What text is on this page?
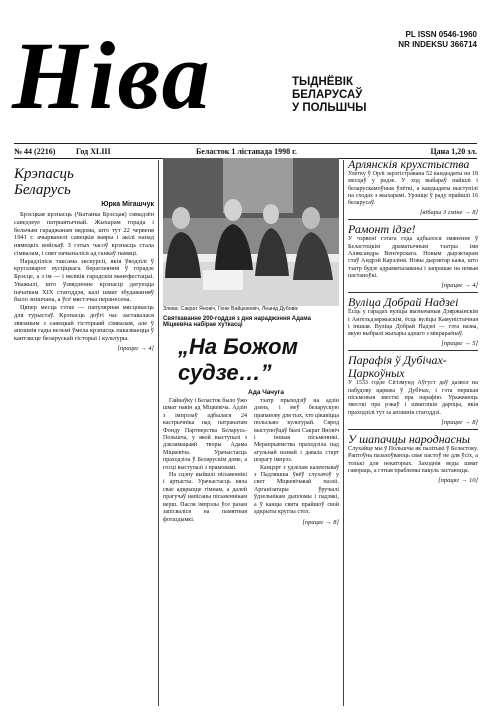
Ніва	PL ISSN 0546-1960
NR INDEKSU 366714
ТЫДНЁВІК
БЕЛАРУСАЎ
У ПОЛЬШЧЫ
№ 44 (2216)	Год XLIII	Беласток 1 лістапада 1998 г.	Цана 1,20 зл.
Крэпасць
Беларусь
Юрка Мігашчук

Брэсцкая крэпасць (Чытанка Брэсцая) сямадзён саведзеуе патрыятычнай. Жыхарам горада і бельчым гараджанам вядома, што тут 22 червеня 1941 г. ачырванелі савецкія ваяры і акілі напад нямецкіх войскаў. З гэтых часоў крэпасць стала сімвалам, і свят пачыналіся ад ганкаў памяці.

Нарадзіліся таксама экскурсіі, якія ўводзілі ў кругазварот вусціцкага бераглеяння ў горадзе Брэсце, а з ім — і вялікія гарадскія манефестацыі. Уважылі, што ўзвядзенне крэпасці датуецца пачаткам XIX стагоддзя, калі шмат збудаванняў было знішчана, а ўсё мястэчка перанесена.

Цяпер месца гэтае — папулярная мясцовасць для турыстаў. Крэпасць доўгі час заставалася звязаным з савецкай гісторыяй сімвалам, але ў апошнія гады вельмі ўмела крэпасць паказваецца ў кантэксце беларускай гісторыі і культуры.

[працяг → 4]
Злева: Сакрат Яновіч, Генік Вайцюкевіч, Леанід Дубовік
Святкаванне 200-годдзя з дня нараджэння Адама Міцкевіча набірае хуткасці
„На Божом судзе…”
Ада Чачуга

Гайнаўку і Беласток было ўжо шмат навін ад Міцкевіча. Адзін з імпрэзаў адбылася 24 кастрычніка пад патранатам Фонду Партнерства Беларусь-Польшча, у якой выступалі з дэкламацыяй творы Адама Міцкевіча. Урачыстасць праходзіла ў Беларускім доме, а госці выступалі з прамовамі.

На сцэну выйшлі пісьменнікі і артысты. Урачыстасць вяла свае адкрыцце гімнам, а далей прагучаў напісаны пісьменнікам верш. Пасля імпрэзы ўсе разам запісваліся на памятныя фотаздымкі.

тэатр прыходзіў на адзін дзень, і меў беларускую прапанову для тых, хто цікавіцца польскаю культурай. Сярод выступоўцаў былі Сакрат Яновіч і іншыя пісьменнікі. Мерапрыемства праходзіла пад агульнай назвай і давала старт шэрагу імпрэз.

Канцэрт з удзелам калектываў з Падляшша ўвёў слухачоў у свет Міцкевічавай паэзіі. Арганізатары ўручылі ўдзельнікам дыпломы і падзякі, а ў канцы свята прайшоў свой адкрыты круглы стол.

[працяг → 8]
Арлянскія крухстыства
Улетку ў Орлі зарэгістравана 52 кандыдаты на 18 месцаў у радзе. У ход выбараў пайшлі і беларускамоўныя ўлёткі, а кандыдаты выступілі на сходах з жыхарамі. Урэшце ў раду прайшлі 16 беларусаў.
[вібары 3 гміне → 8]
Рамонт ідзе!
У чэрвені гэтага года адбылося змяненне ў Беластоцкім драматычным тэатры імя Аляксандра Венгерскага. Новым дырэктарам стаў Андрэй Карэліня. Новы дырэктар кажа, што тэатр будзе адраматызаваны і запрашае на новыя пастаноўкі.
[працяг → 4]
Вуліца Добрай Надзеі
Ёсць у гарадах вуліцы вызначаныя Дзяржынскім і Ангельдзяржыскім, ёсць вуліцы Камуністычная і іншыя. Вуліца Добрай Надзеі — гэта назва, якую выбралі жыхары аднаго з мікрараёнаў.
[працяг → 5]
Парафія ў Дубічах-Царкоўных
У 1533 годзе Сігізмунд Аўгуст даў дазвол на пабудову царквы ў Дубічах, і гэта першыя пісьмовыя звесткі пра парафію. Уражваюць звесткі пра рэкаў і шматлікія дароцы, якія праходзілі тут за апошнія стагоддзі.
[працяг → 8]
У шапачцы народнасны
Слухайце мы ў Польшчы як палітыкі ў Беластоку. Раптоўна пазахоўваюць свае пастоў не для ўсіх, а толькі для некаторых. Заходнія веды шмат гавораць, а гэтыя праблемы пакуль застаюцца.
[працяг → 10]
